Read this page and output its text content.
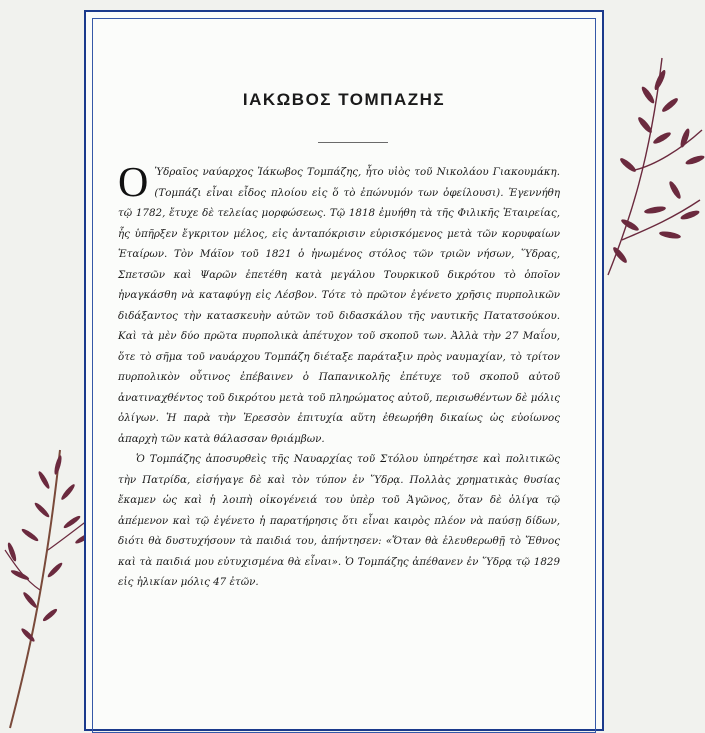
ΙΑΚΩΒΟΣ ΤΟΜΠΑΖΗΣ

Ο Ὑδραῖος ναύαρχος Ἰάκωβος Τομπάζης, ἦτο υἱὸς τοῦ Νικολάου Γιακουμάκη. (Τομπάζι εἶναι εἶδος πλοίου εἰς ὅ τὸ ἐπώνυμόν των ὀφείλουσι). Ἐγεννήθη τῷ 1782, ἔτυχε δὲ τελείας μορφώσεως. Τῷ 1818 ἐμυήθη τὰ τῆς Φιλικῆς Ἑταιρείας, ἧς ὑπῆρξεν ἔγκριτον μέλος, εἰς ἀνταπόκρισιν εὑρισκόμενος μετὰ τῶν κορυφαίων Ἑταίρων. Τὸν Μάϊον τοῦ 1821 ὁ ἡνωμένος στόλος τῶν τριῶν νήσων, Ὕδρας, Σπετσῶν καὶ Ψαρῶν ἐπετέθη κατὰ μεγάλου Τουρκικοῦ δικρότου τὸ ὁποῖον ἠναγκάσθη νὰ καταφύγῃ εἰς Λέσβον. Τότε τὸ πρῶτον ἐγένετο χρῆσις πυρπολικῶν διδάξαντος τὴν κατασκευὴν αὐτῶν τοῦ διδασκάλου τῆς ναυτικῆς Πατατσούκου. Καὶ τὰ μὲν δύο πρῶτα πυρπολικὰ ἀπέτυχον τοῦ σκοποῦ των. Ἀλλὰ τὴν 27 Μαΐου, ὅτε τὸ σῆμα τοῦ ναυάρχου Τομπάζη διέταξε παράταξιν πρὸς ναυμαχίαν, τὸ τρίτον πυρπολικὸν οὗτινος ἐπέβαινεν ὁ Παπανικολῆς ἐπέτυχε τοῦ σκοποῦ αὐτοῦ ἀνατιναχθέντος τοῦ δικρότου μετὰ τοῦ πληρώματος αὐτοῦ, περισωθέντων δὲ μόλις ὀλίγων. Ἡ παρὰ τὴν Ἐρεσσὸν ἐπιτυχία αὕτη ἐθεωρήθη δικαίως ὡς εὐοίωνος ἀπαρχὴ τῶν κατὰ θάλασσαν θριάμβων.

Ὁ Τομπάζης ἀποσυρθεὶς τῆς Ναυαρχίας τοῦ Στόλου ὑπηρέτησε καὶ πολιτικῶς τὴν Πατρίδα, εἰσήγαγε δὲ καὶ τὸν τύπον ἐν Ὕδρᾳ. Πολλὰς χρηματικὰς θυσίας ἔκαμεν ὡς καὶ ἡ λοιπὴ οἰκογένειά του ὑπὲρ τοῦ Ἀγῶνος, ὅταν δὲ ὀλίγα τῷ ἀπέμενον καὶ τῷ ἐγένετο ἡ παρατήρησις ὅτι εἶναι καιρὸς πλέον νὰ παύσῃ δίδων, διότι θὰ δυστυχήσουν τὰ παιδιά του, ἀπήντησεν: «Ὅταν θὰ ἐλευθερωθῇ τὸ Ἔθνος καὶ τὰ παιδιά μου εὐτυχισμένα θὰ εἶναι». Ὁ Τομπάζης ἀπέθανεν ἐν Ὕδρᾳ τῷ 1829 εἰς ἡλικίαν μόλις 47 ἐτῶν.
